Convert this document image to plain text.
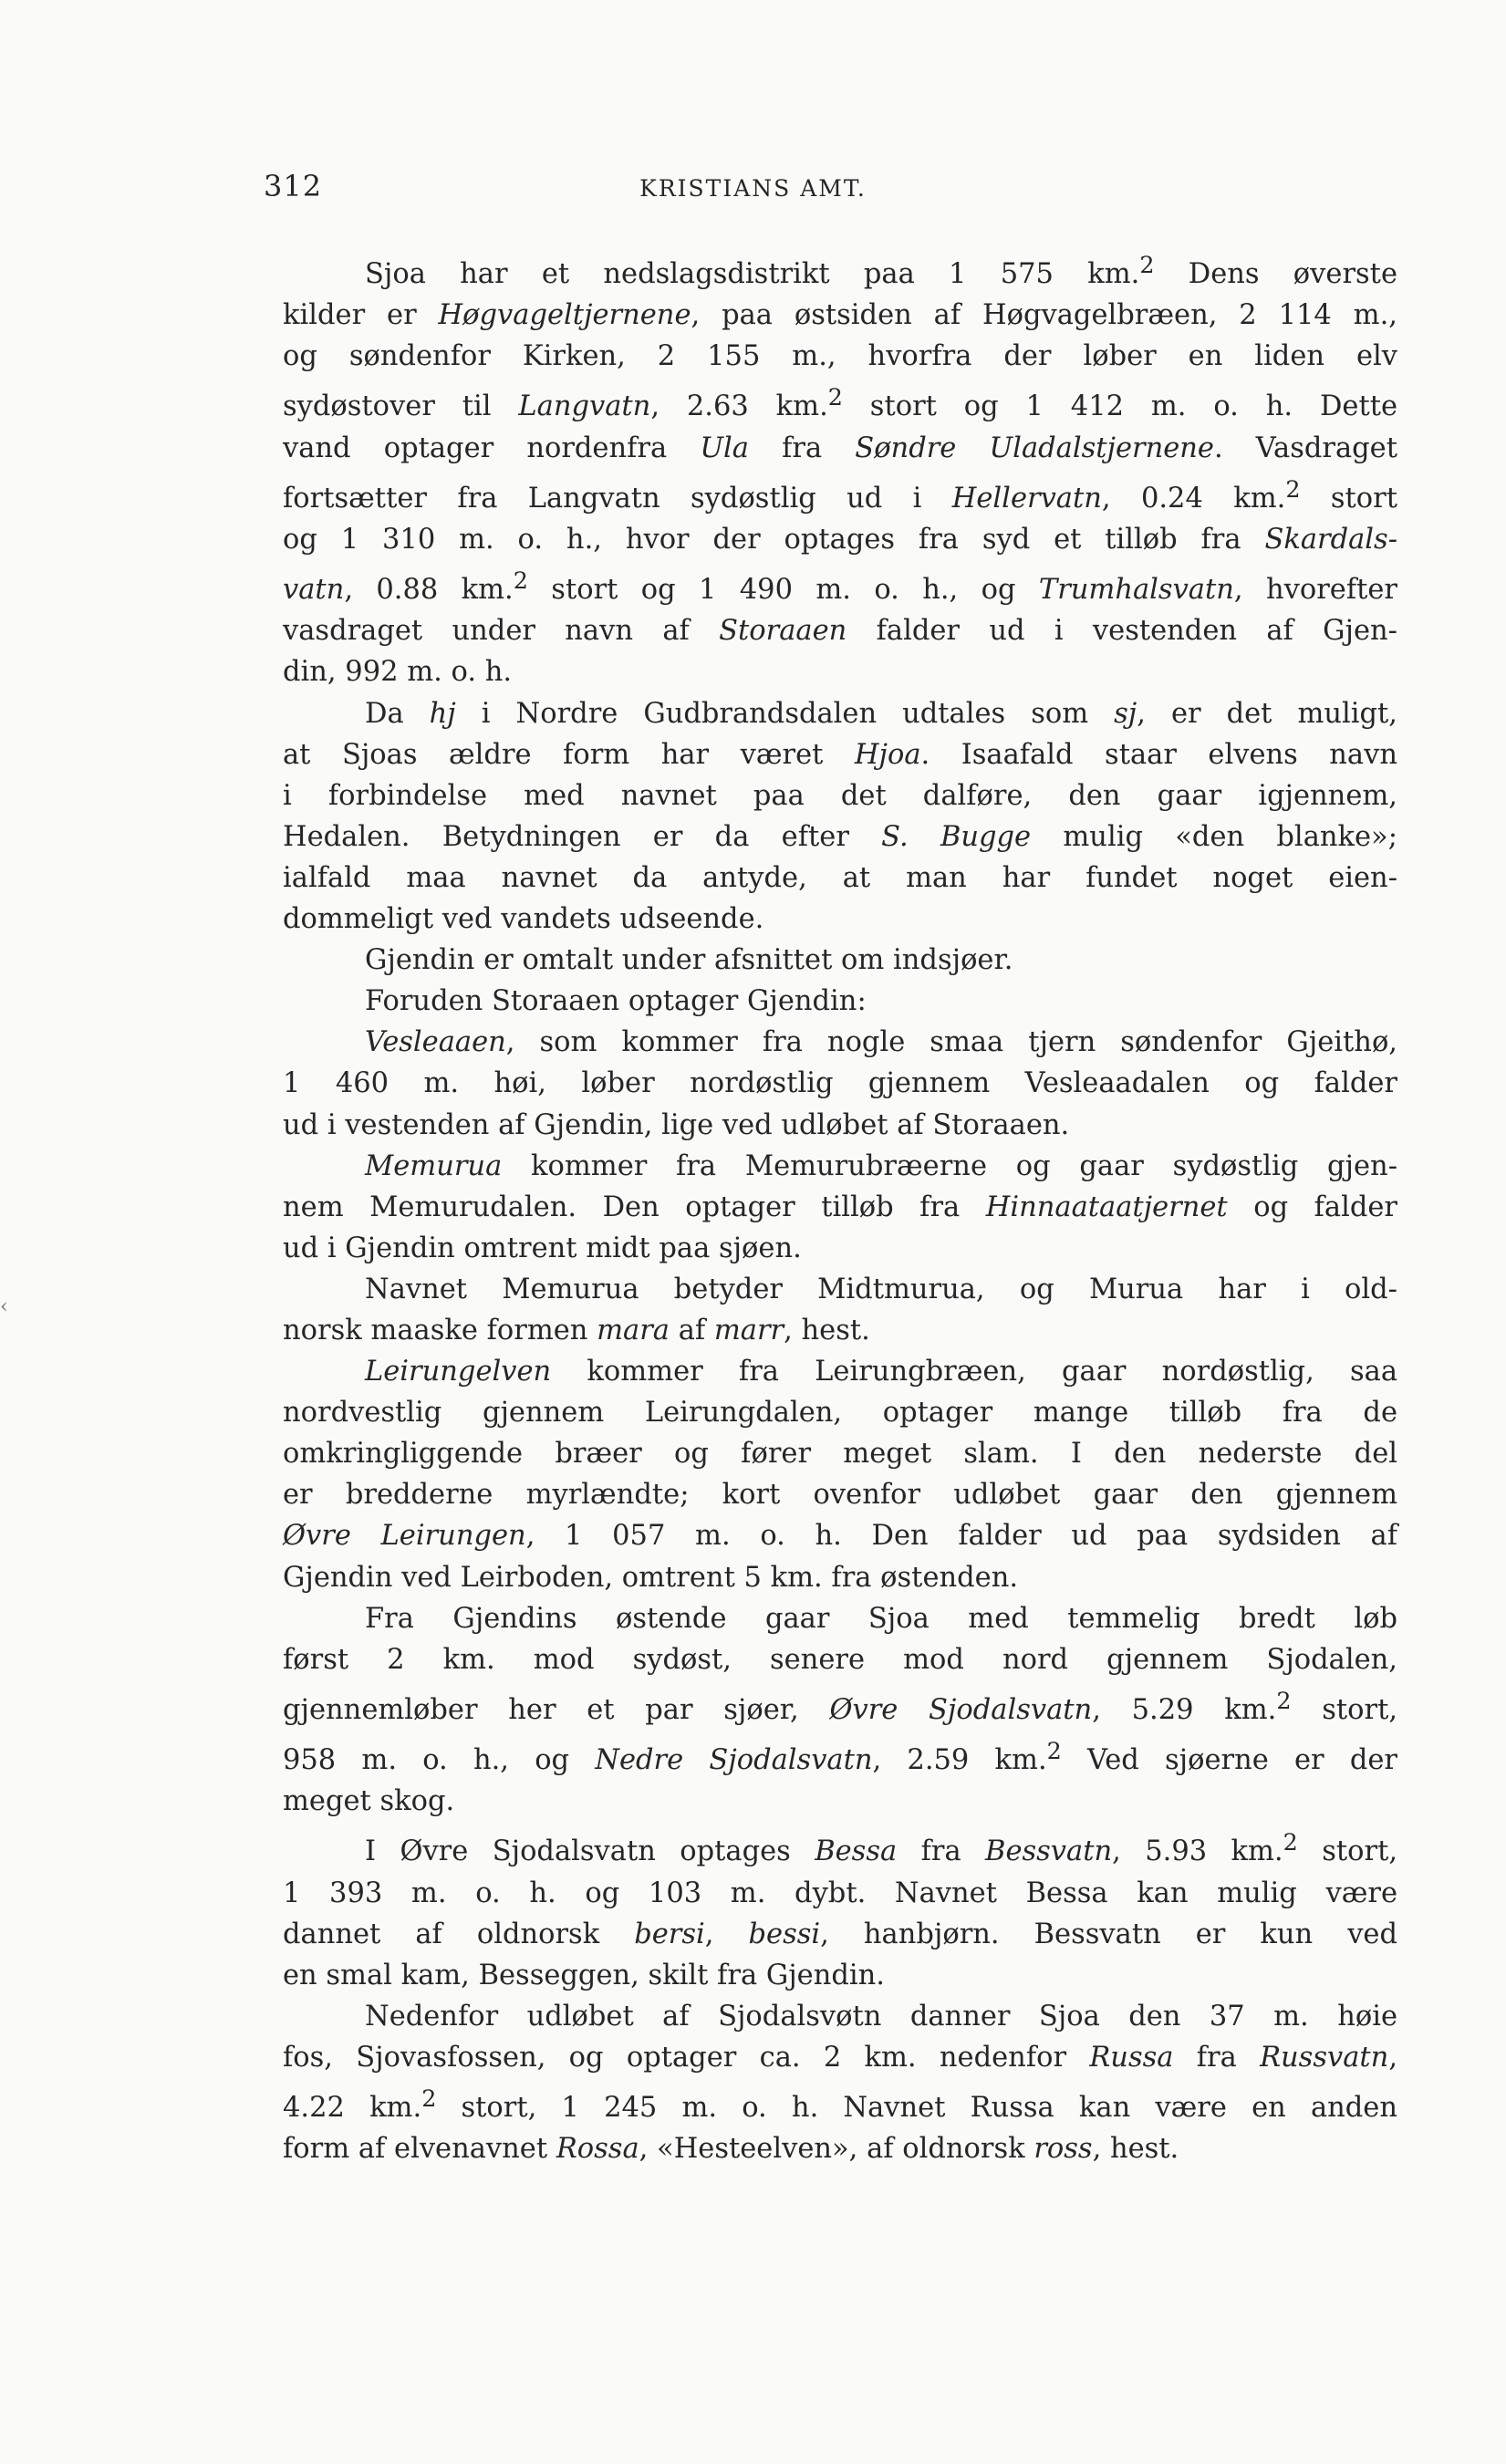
312	KRISTIANS AMT.
‹
Sjoa har et nedslagsdistrikt paa 1 575 km.$^2$ Dens øverste
kilder er Høgvageltjernene, paa østsiden af Høgvagelbræen, 2 114 m.,
og søndenfor Kirken, 2 155 m., hvorfra der løber en liden elv
sydøstover til Langvatn, 2.63 km.$^2$ stort og 1 412 m. o. h. Dette
vand optager nordenfra Ula fra Søndre Uladalstjernene. Vasdraget
fortsætter fra Langvatn sydøstlig ud i Hellervatn, 0.24 km.$^2$ stort
og 1 310 m. o. h., hvor der optages fra syd et tilløb fra Skardals-
vatn, 0.88 km.$^2$ stort og 1 490 m. o. h., og Trumhalsvatn, hvorefter
vasdraget under navn af Storaaen falder ud i vestenden af Gjen-
din, 992 m. o. h.
Da hj i Nordre Gudbrandsdalen udtales som sj, er det muligt,
at Sjoas ældre form har været Hjoa. Isaafald staar elvens navn
i forbindelse med navnet paa det dalføre, den gaar igjennem,
Hedalen. Betydningen er da efter S. Bugge mulig «den blanke»;
ialfald maa navnet da antyde, at man har fundet noget eien-
dommeligt ved vandets udseende.
Gjendin er omtalt under afsnittet om indsjøer.
Foruden Storaaen optager Gjendin:
Vesleaaen, som kommer fra nogle smaa tjern søndenfor Gjeithø,
1 460 m. høi, løber nordøstlig gjennem Vesleaadalen og falder
ud i vestenden af Gjendin, lige ved udløbet af Storaaen.
Memurua kommer fra Memurubræerne og gaar sydøstlig gjen-
nem Memurudalen. Den optager tilløb fra Hinnaataatjernet og falder
ud i Gjendin omtrent midt paa sjøen.
Navnet Memurua betyder Midtmurua, og Murua har i old-
norsk maaske formen mara af marr, hest.
Leirungelven kommer fra Leirungbræen, gaar nordøstlig, saa
nordvestlig gjennem Leirungdalen, optager mange tilløb fra de
omkringliggende bræer og fører meget slam. I den nederste del
er bredderne myrlændte; kort ovenfor udløbet gaar den gjennem
Øvre Leirungen, 1 057 m. o. h. Den falder ud paa sydsiden af
Gjendin ved Leirboden, omtrent 5 km. fra østenden.
Fra Gjendins østende gaar Sjoa med temmelig bredt løb
først 2 km. mod sydøst, senere mod nord gjennem Sjodalen,
gjennemløber her et par sjøer, Øvre Sjodalsvatn, 5.29 km.$^2$ stort,
958 m. o. h., og Nedre Sjodalsvatn, 2.59 km.$^2$ Ved sjøerne er der
meget skog.
I Øvre Sjodalsvatn optages Bessa fra Bessvatn, 5.93 km.$^2$ stort,
1 393 m. o. h. og 103 m. dybt. Navnet Bessa kan mulig være
dannet af oldnorsk bersi, bessi, hanbjørn. Bessvatn er kun ved
en smal kam, Besseggen, skilt fra Gjendin.
Nedenfor udløbet af Sjodalsvøtn danner Sjoa den 37 m. høie
fos, Sjovasfossen, og optager ca. 2 km. nedenfor Russa fra Russvatn,
4.22 km.$^2$ stort, 1 245 m. o. h. Navnet Russa kan være en anden
form af elvenavnet Rossa, «Hesteelven», af oldnorsk ross, hest.
